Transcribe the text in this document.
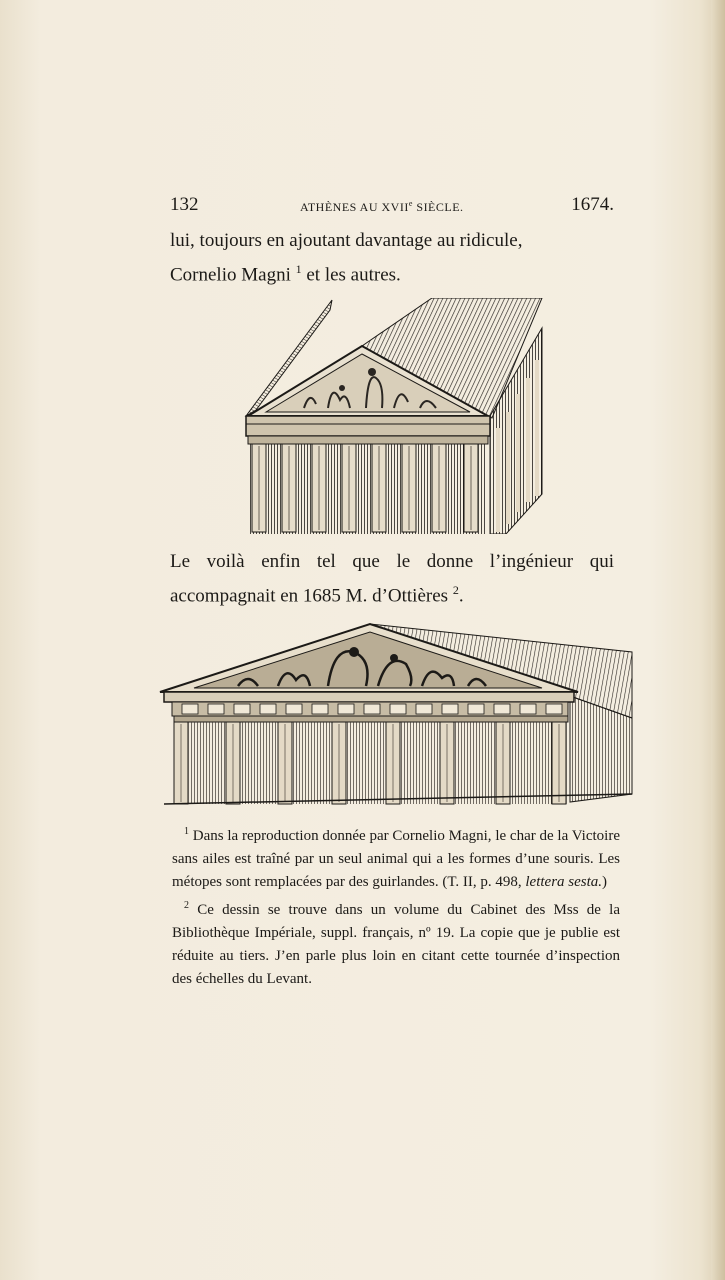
132	ATHÈNES AU XVIIe SIÈCLE.	1674.

lui, toujours en ajoutant davantage au ridicule,

Cornelio Magni $^1$ et les autres.

Le voilà enfin tel que le donne l’ingénieur qui

accompagnait en 1685 M. d’Ottières $^2$.

$^1$ Dans la reproduction donnée par Cornelio Magni, le char de la Victoire sans ailes est traîné par un seul animal qui a les formes d’une souris. Les métopes sont remplacées par des guirlandes. (T. II, p. 498, lettera sesta.)

$^2$ Ce dessin se trouve dans un volume du Cabinet des Mss de la Bibliothèque Impériale, suppl. français, nº 19. La copie que je publie est réduite au tiers. J’en parle plus loin en citant cette tournée d’inspection des échelles du Levant.
